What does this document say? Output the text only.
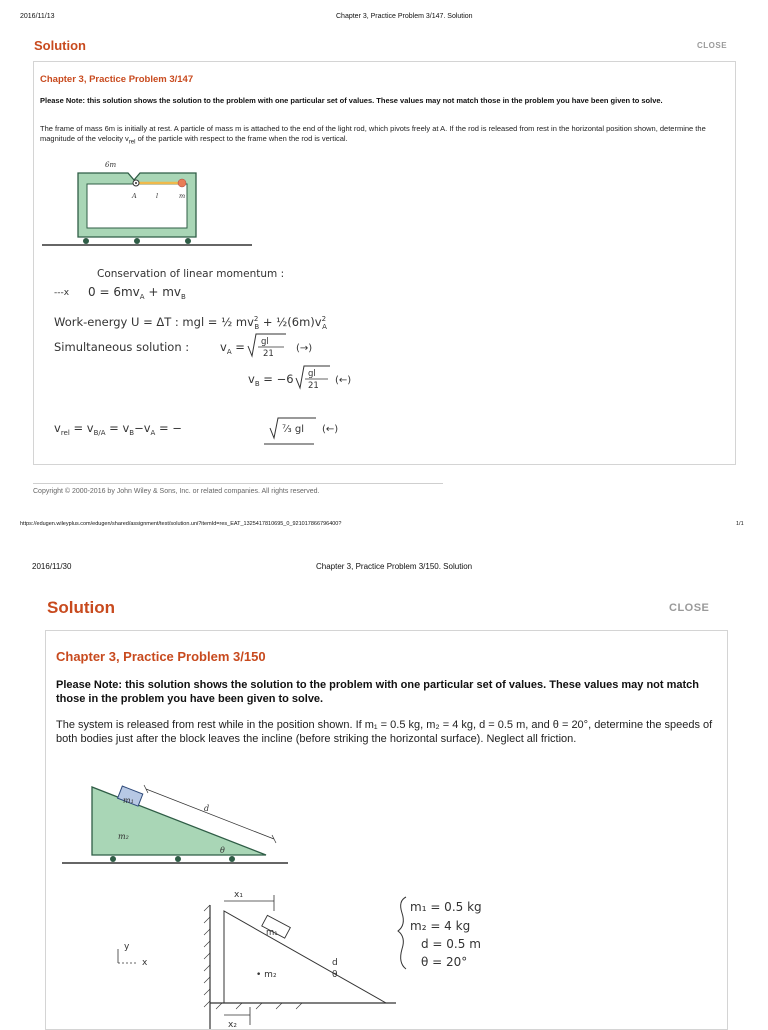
2016/11/13	Chapter 3, Practice Problem 3/147. Solution
Solution	CLOSE
Chapter 3, Practice Problem 3/147
Please Note: this solution shows the solution to the problem with one particular set of values. These values may not match those in the problem you have been given to solve.
The frame of mass 6m is initially at rest. A particle of mass m is attached to the end of the light rod, which pivots freely at A. If the rod is released from rest in the horizontal position shown, determine the magnitude of the velocity $v_{rel}$ of the particle with respect to the frame when the rod is vertical.
6m
A	l	m
Conservation of linear momentum :
---x $0 = 6mv_A + mv_B$
Work-energy U = ΔT : mgl = ½ $mv^2$ $B + \frac{1}{2}(6m)v^2$ A
Simultaneous solution :	$v_A$ = gl
21 (→)
$v_B = -6$ gl
21 (←)
$v_{rel} = v_{B/A} = v_B-v_A$ = −	⁷⁄₃ gl (←)
Copyright © 2000-2016 by John Wiley & Sons, Inc. or related companies. All rights reserved.
https://edugen.wileyplus.com/edugen/shared/assignment/test/solution.uni?itemId=res_EAT_1325417810695_0_921017866796400?	1/1
2016/11/30	Chapter 3, Practice Problem 3/150. Solution
Solution	CLOSE
Chapter 3, Practice Problem 3/150
Please Note: this solution shows the solution to the problem with one particular set of values. These values may not match those in the problem you have been given to solve.
The system is released from rest while in the position shown. If m₁ = 0.5 kg, m₂ = 4 kg, d = 0.5 m, and θ = 20°, determine the speeds of both bodies just after the block leaves the incline (before striking the horizontal surface). Neglect all friction.
m₁
d
m₂
θ
y
x
m₁
• m₂
d
θ
x₁
x₂
m₁ = 0.5 kg
m₂ = 4 kg
d = 0.5 m
θ = 20°
